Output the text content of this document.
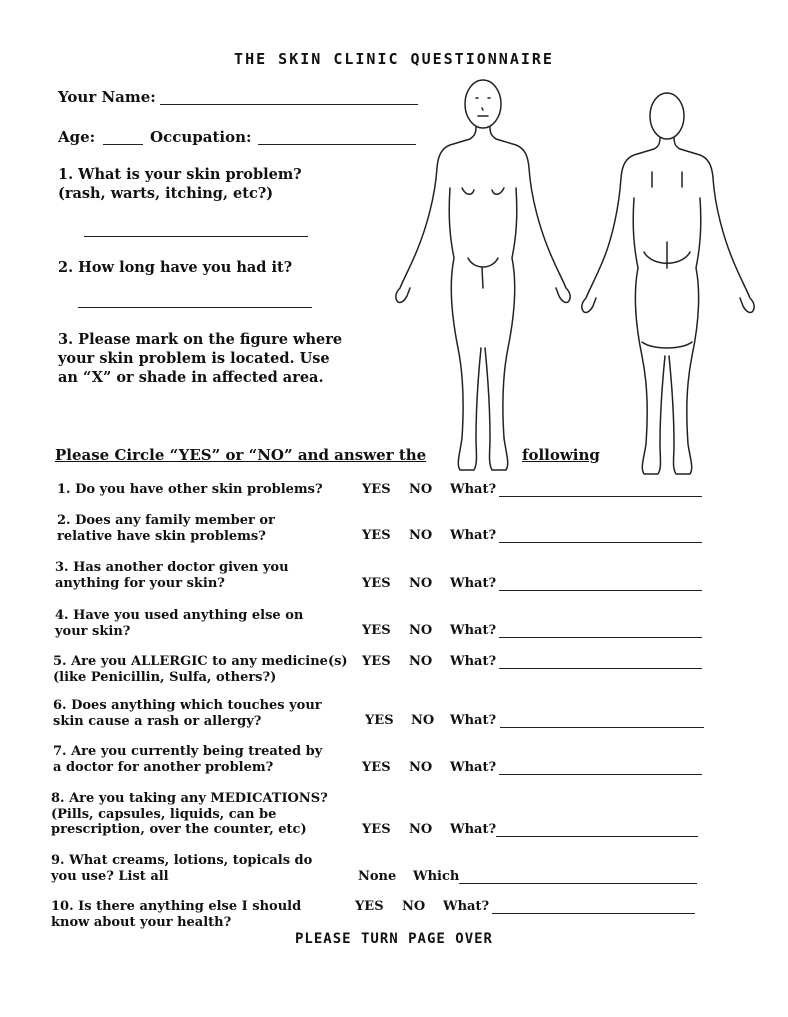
THE SKIN CLINIC QUESTIONNAIRE
Your Name:
Age:	Occupation:
1. What is your skin problem?
(rash, warts, itching, etc?)
2. How long have you had it?
3. Please mark on the figure where
your skin problem is located. Use
an “X” or shade in affected area.
Please Circle “YES” or “NO” and answer the	following
1. Do you have other skin problems?	YES NO What?
2. Does any family member or
relative have skin problems?	YES NO What?
3. Has another doctor given you
anything for your skin?	YES NO What?
4. Have you used anything else on
your skin?	YES NO What?
5. Are you ALLERGIC to any medicine(s)
(like Penicillin, Sulfa, others?)
YES NO What?
6. Does anything which touches your
skin cause a rash or allergy?	YES NO What?
7. Are you currently being treated by
a doctor for another problem?	YES NO What?
8. Are you taking any MEDICATIONS?
(Pills, capsules, liquids, can be
prescription, over the counter, etc)	YES NO What?
9. What creams, lotions, topicals do
you use? List all	None Which
10. Is there anything else I should
know about your health?
YES NO What?
PLEASE TURN PAGE OVER
